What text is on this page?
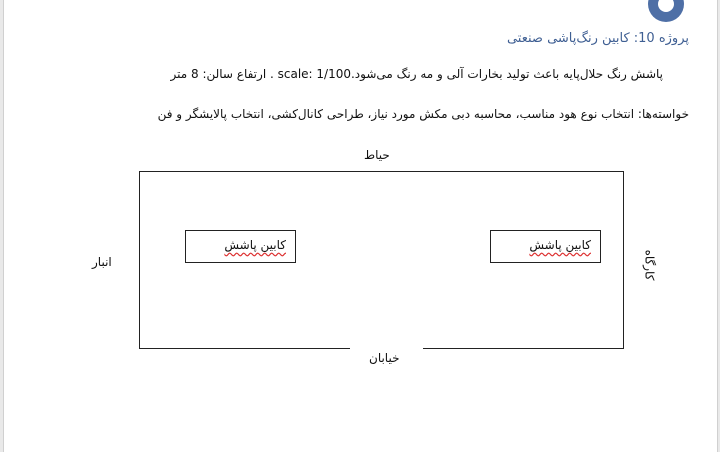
پروژه 10: کابین رنگ‌پاشی صنعتی
پاشش رنگ حلال‌پایه باعث تولید بخارات آلی و مه رنگ می‌شود.scale: 1/100 . ارتفاع سالن: 8 متر
خواسته‌ها: انتخاب نوع هود مناسب، محاسبه دبی مکش مورد نیاز، طراحی کانال‌کشی، انتخاب پالایشگر و فن
حیاط
انبار
خیابان
کارگاه
کابین پاشش	کابین پاشش
